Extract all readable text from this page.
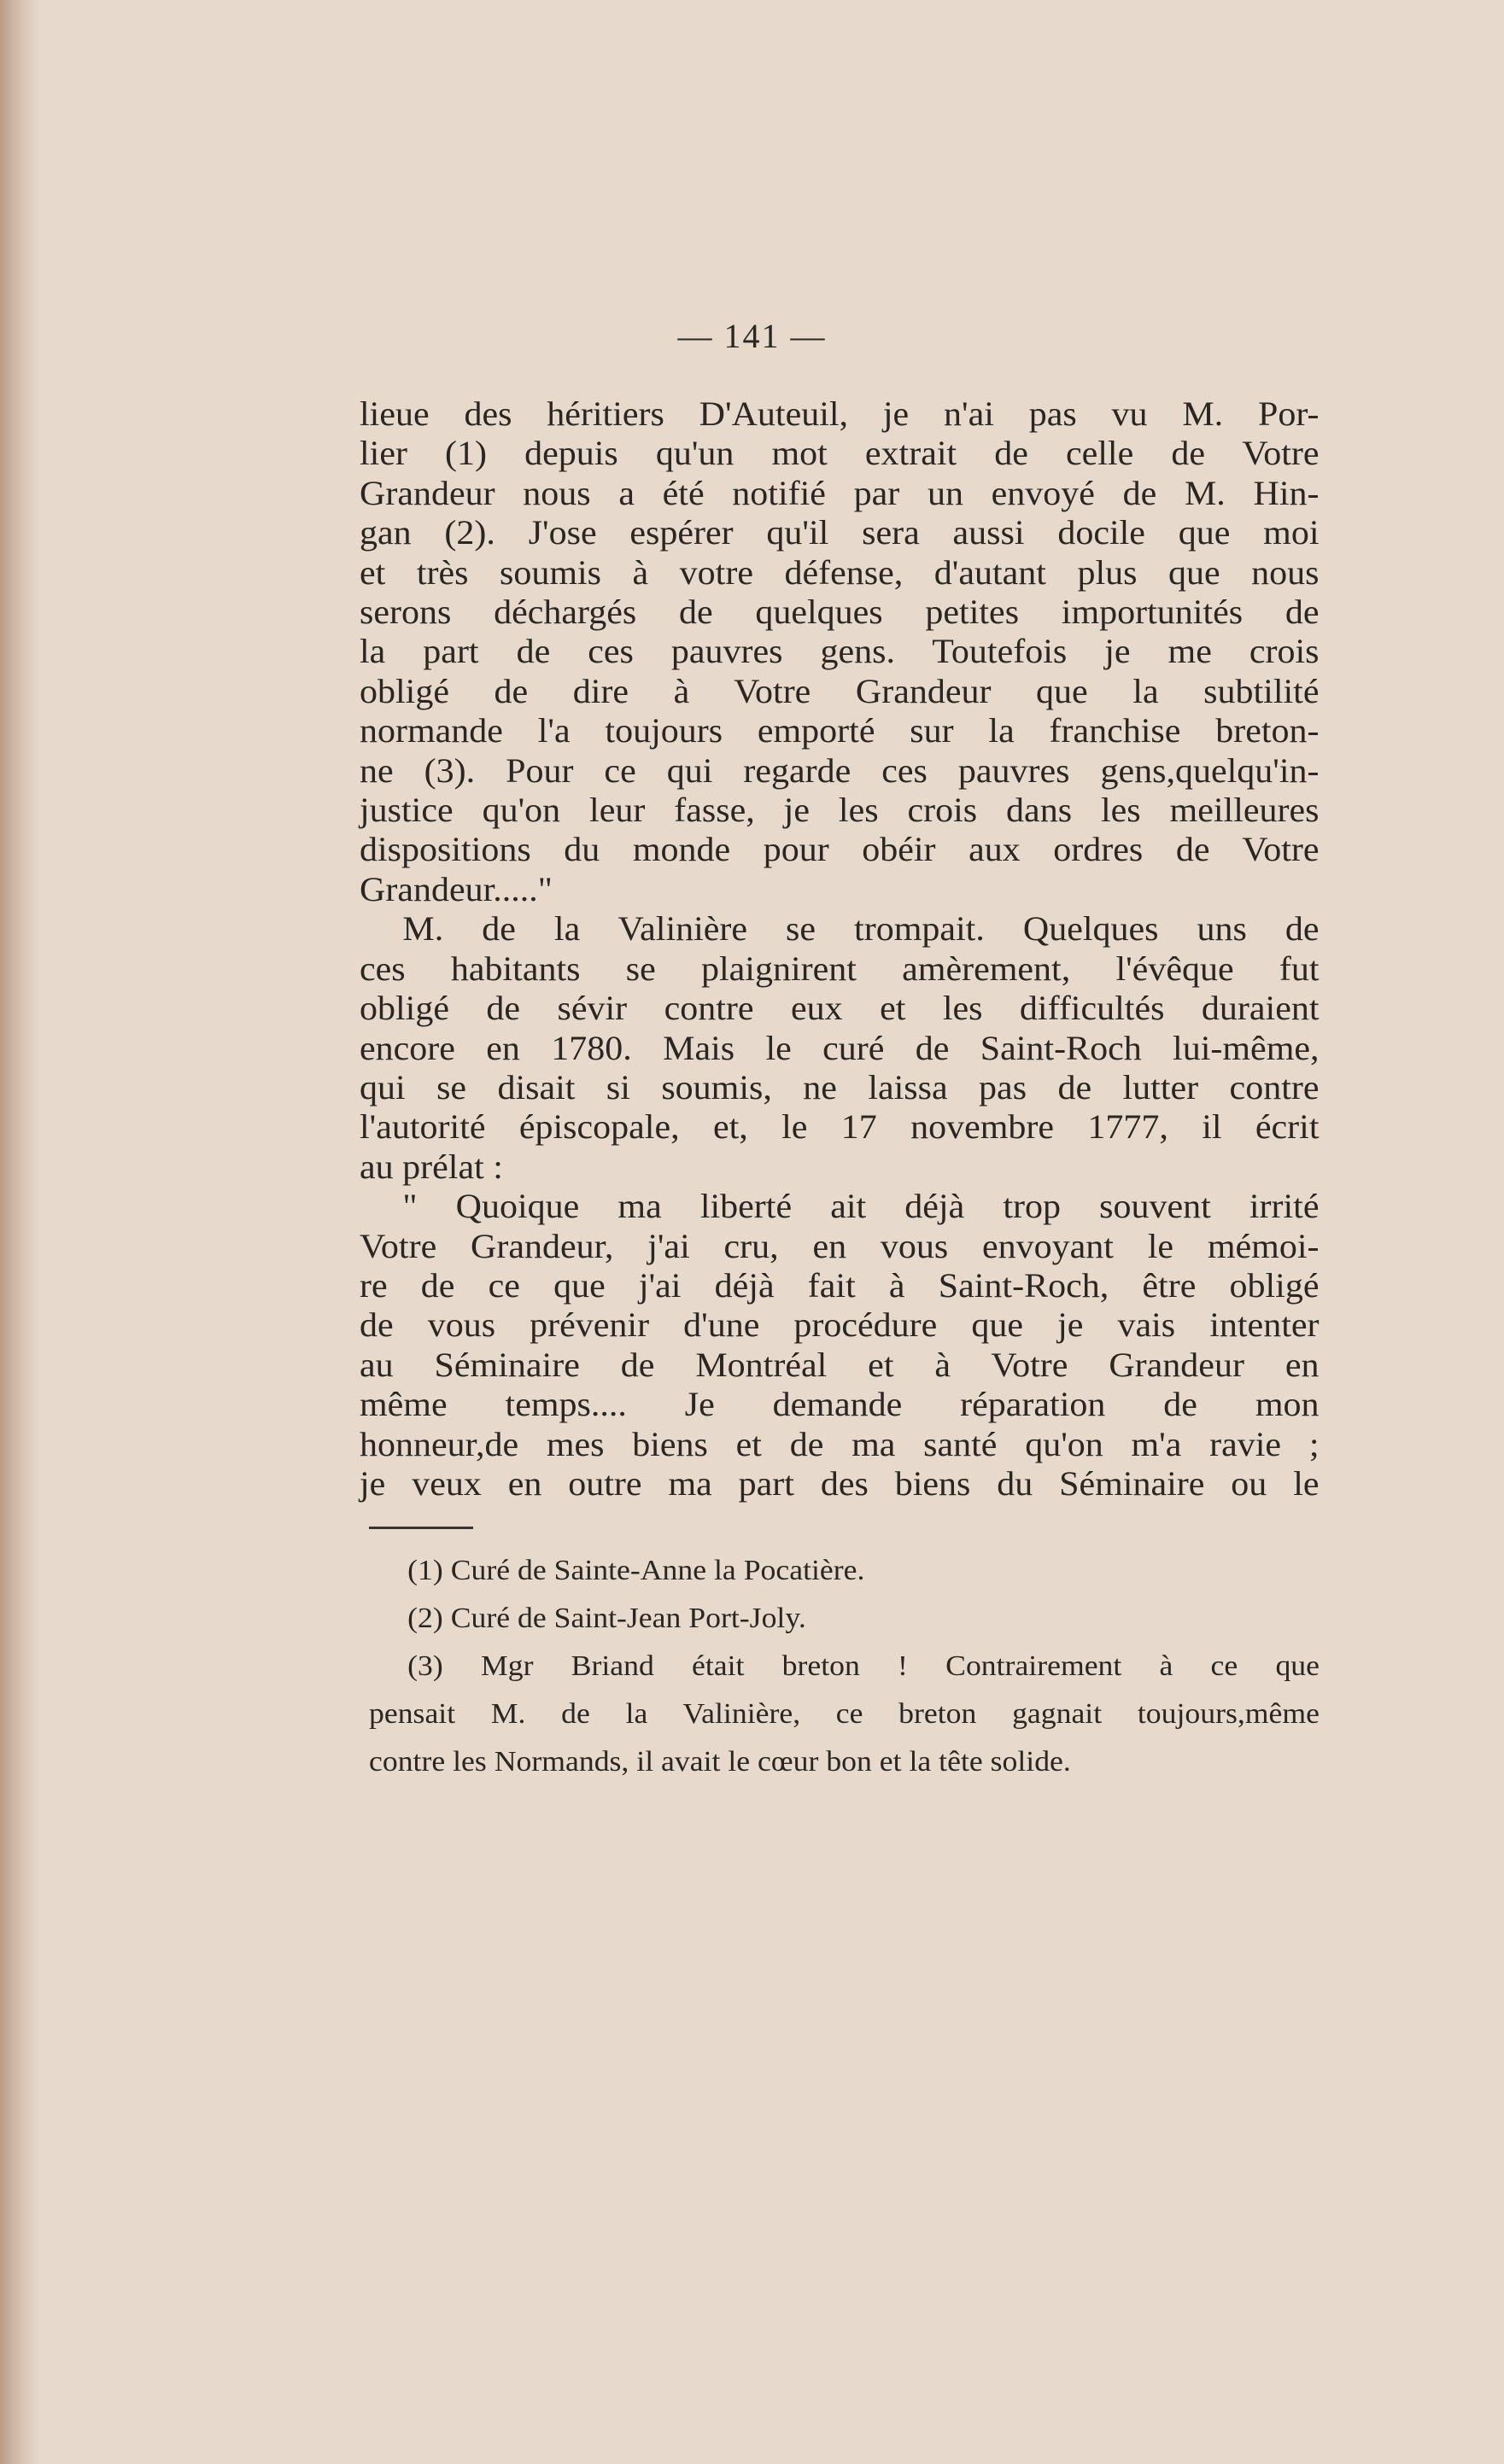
— 141 —
lieue des héritiers D'Auteuil, je n'ai pas vu M. Por-
lier (1) depuis qu'un mot extrait de celle de Votre
Grandeur nous a été notifié par un envoyé de M. Hin-
gan (2). J'ose espérer qu'il sera aussi docile que moi
et très soumis à votre défense, d'autant plus que nous
serons déchargés de quelques petites importunités de
la part de ces pauvres gens. Toutefois je me crois
obligé de dire à Votre Grandeur que la subtilité
normande l'a toujours emporté sur la franchise breton-
ne (3). Pour ce qui regarde ces pauvres gens,quelqu'in-
justice qu'on leur fasse, je les crois dans les meilleures
dispositions du monde pour obéir aux ordres de Votre
Grandeur....."
M. de la Valinière se trompait. Quelques uns de
ces habitants se plaignirent amèrement, l'évêque fut
obligé de sévir contre eux et les difficultés duraient
encore en 1780. Mais le curé de Saint-Roch lui-même,
qui se disait si soumis, ne laissa pas de lutter contre
l'autorité épiscopale, et, le 17 novembre 1777, il écrit
au prélat :
" Quoique ma liberté ait déjà trop souvent irrité
Votre Grandeur, j'ai cru, en vous envoyant le mémoi-
re de ce que j'ai déjà fait à Saint-Roch, être obligé
de vous prévenir d'une procédure que je vais intenter
au Séminaire de Montréal et à Votre Grandeur en
même temps.... Je demande réparation de mon
honneur,de mes biens et de ma santé qu'on m'a ravie ;
je veux en outre ma part des biens du Séminaire ou le
(1) Curé de Sainte-Anne la Pocatière.
(2) Curé de Saint-Jean Port-Joly.
(3) Mgr Briand était breton ! Contrairement à ce que
pensait M. de la Valinière, ce breton gagnait toujours,même
contre les Normands, il avait le cœur bon et la tête solide.
